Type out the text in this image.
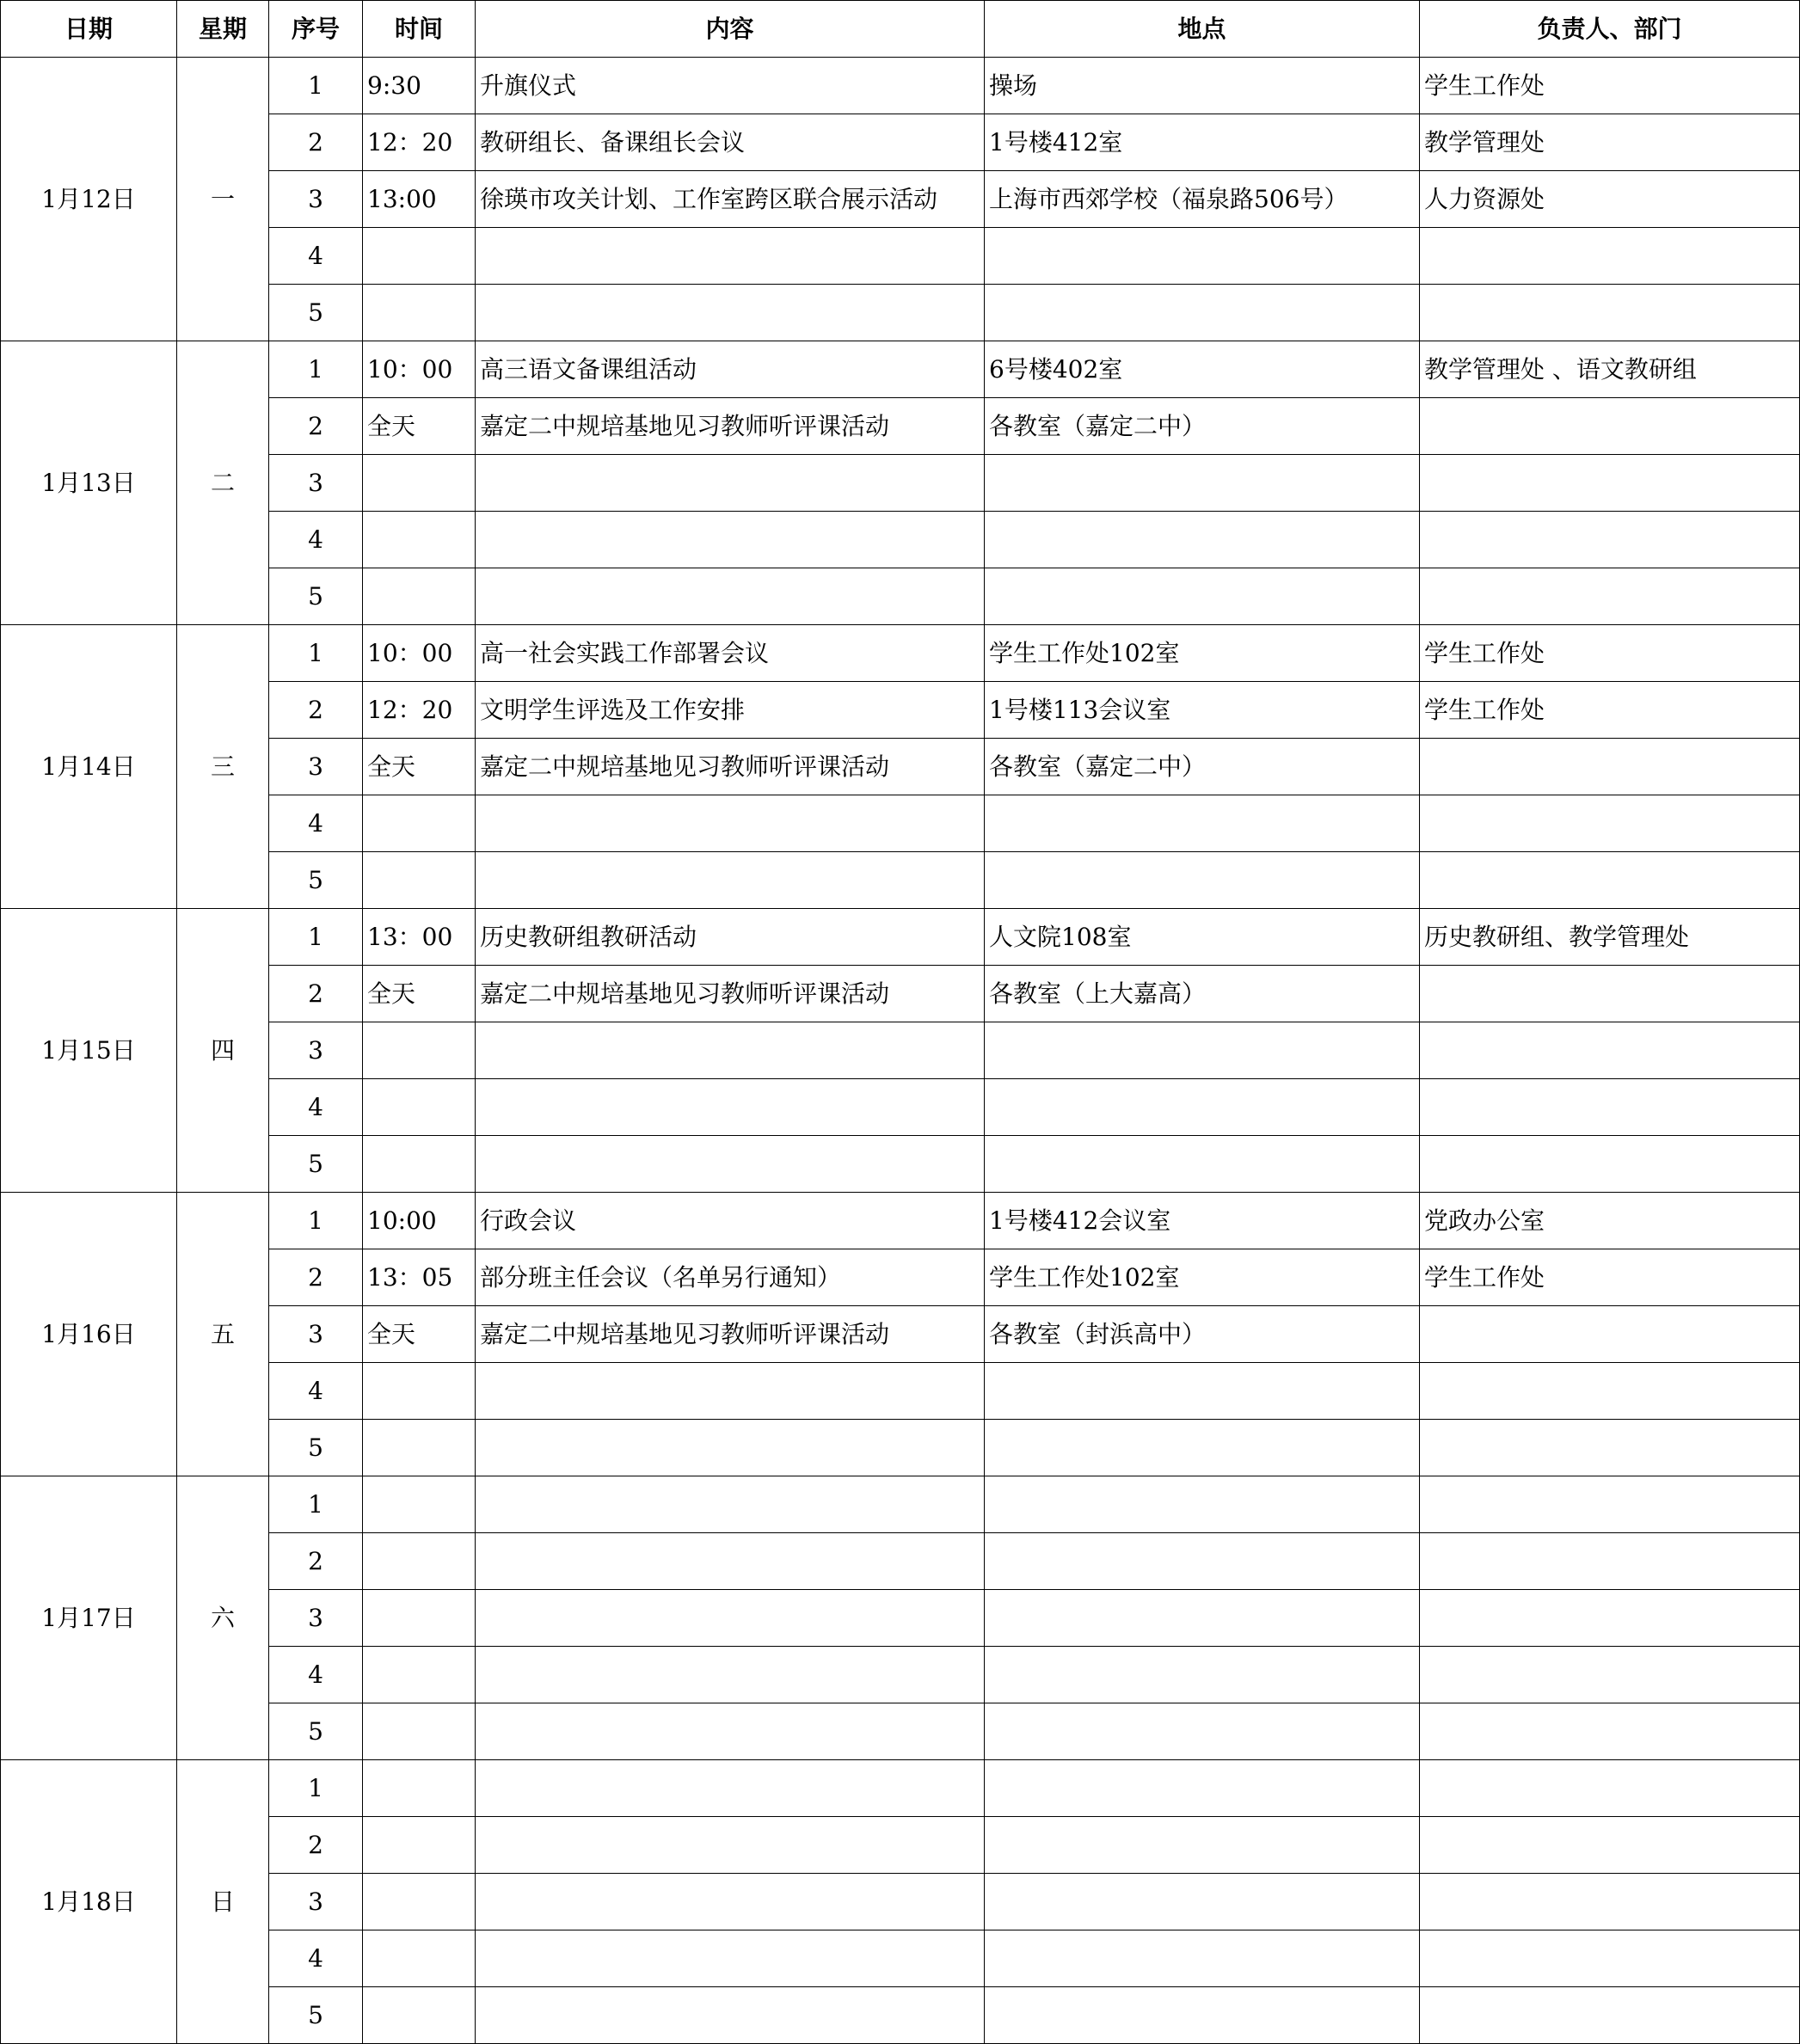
日期	星期	序号	时间	内容	地点	负责人、部门
1月12日	一	1	9:30	升旗仪式	操场	学生工作处
		2	12：20	教研组长、备课组长会议	1号楼412室	教学管理处
		3	13:00	徐瑛市攻关计划、工作室跨区联合展示活动	上海市西郊学校（福泉路506号）	人力资源处
		4				
		5				
1月13日	二	1	10：00	高三语文备课组活动	6号楼402室	教学管理处 、语文教研组
		2	全天	嘉定二中规培基地见习教师听评课活动	各教室（嘉定二中）	
		3				
		4				
		5				
1月14日	三	1	10：00	高一社会实践工作部署会议	学生工作处102室	学生工作处
		2	12：20	文明学生评选及工作安排	1号楼113会议室	学生工作处
		3	全天	嘉定二中规培基地见习教师听评课活动	各教室（嘉定二中）	
		4				
		5				
1月15日	四	1	13：00	历史教研组教研活动	人文院108室	历史教研组、教学管理处
		2	全天	嘉定二中规培基地见习教师听评课活动	各教室（上大嘉高）	
		3				
		4				
		5				
1月16日	五	1	10:00	行政会议	1号楼412会议室	党政办公室
		2	13：05	部分班主任会议（名单另行通知）	学生工作处102室	学生工作处
		3	全天	嘉定二中规培基地见习教师听评课活动	各教室（封浜高中）	
		4				
		5				
1月17日	六	1				
		2				
		3				
		4				
		5				
1月18日	日	1				
		2				
		3				
		4				
		5				
